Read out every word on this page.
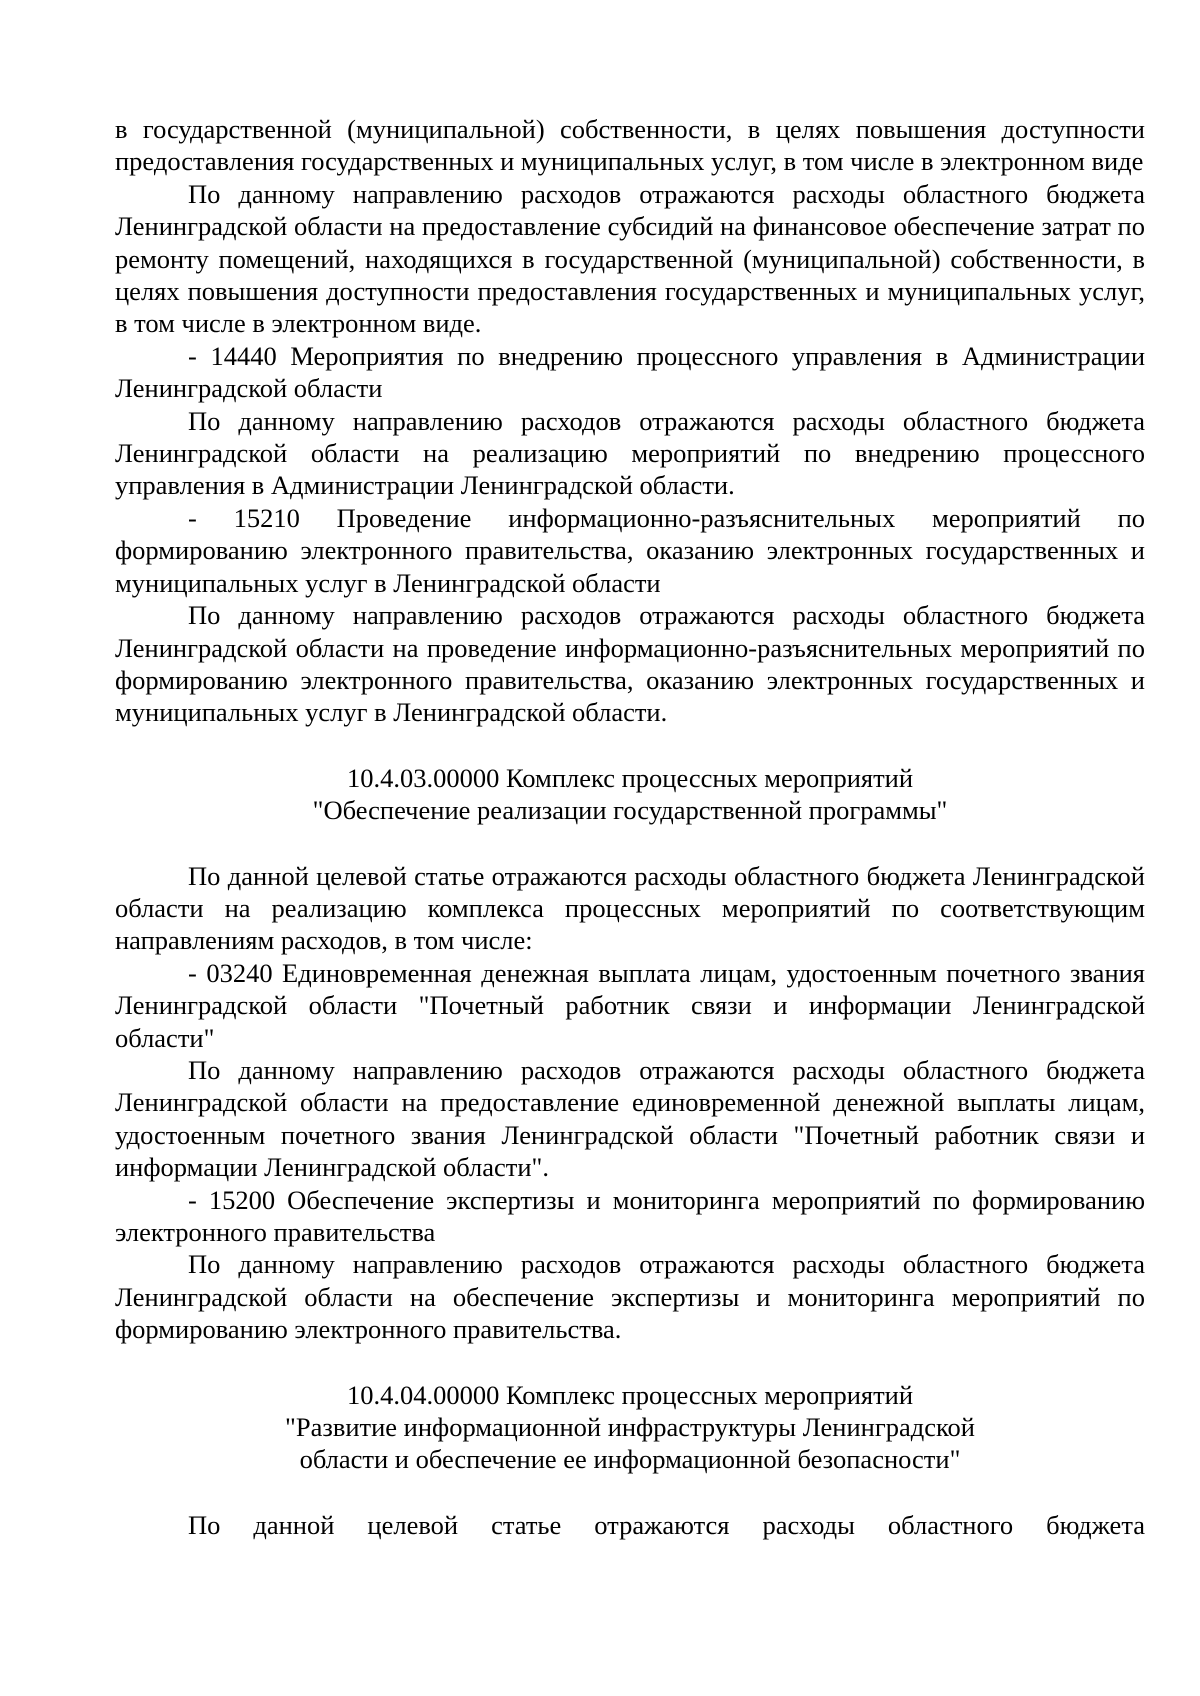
в государственной (муниципальной) собственности, в целях повышения доступности предоставления государственных и муниципальных услуг, в том числе в электронном виде

По данному направлению расходов отражаются расходы областного бюджета Ленинградской области на предоставление субсидий на финансовое обеспечение затрат по ремонту помещений, находящихся в государственной (муниципальной) собственности, в целях повышения доступности предоставления государственных и муниципальных услуг, в том числе в электронном виде.

- 14440 Мероприятия по внедрению процессного управления в Администрации Ленинградской области

По данному направлению расходов отражаются расходы областного бюджета Ленинградской области на реализацию мероприятий по внедрению процессного управления в Администрации Ленинградской области.

- 15210 Проведение информационно-разъяснительных мероприятий по формированию электронного правительства, оказанию электронных государственных и муниципальных услуг в Ленинградской области

По данному направлению расходов отражаются расходы областного бюджета Ленинградской области на проведение информационно-разъяснительных мероприятий по формированию электронного правительства, оказанию электронных государственных и муниципальных услуг в Ленинградской области.

10.4.03.00000 Комплекс процессных мероприятий
"Обеспечение реализации государственной программы"

По данной целевой статье отражаются расходы областного бюджета Ленинградской области на реализацию комплекса процессных мероприятий по соответствующим направлениям расходов, в том числе:

- 03240 Единовременная денежная выплата лицам, удостоенным почетного звания Ленинградской области "Почетный работник связи и информации Ленинградской области"

По данному направлению расходов отражаются расходы областного бюджета Ленинградской области на предоставление единовременной денежной выплаты лицам, удостоенным почетного звания Ленинградской области "Почетный работник связи и информации Ленинградской области".

- 15200 Обеспечение экспертизы и мониторинга мероприятий по формированию электронного правительства

По данному направлению расходов отражаются расходы областного бюджета Ленинградской области на обеспечение экспертизы и мониторинга мероприятий по формированию электронного правительства.

10.4.04.00000 Комплекс процессных мероприятий
"Развитие информационной инфраструктуры Ленинградской
области и обеспечение ее информационной безопасности"

По данной целевой статье отражаются расходы областного бюджета
